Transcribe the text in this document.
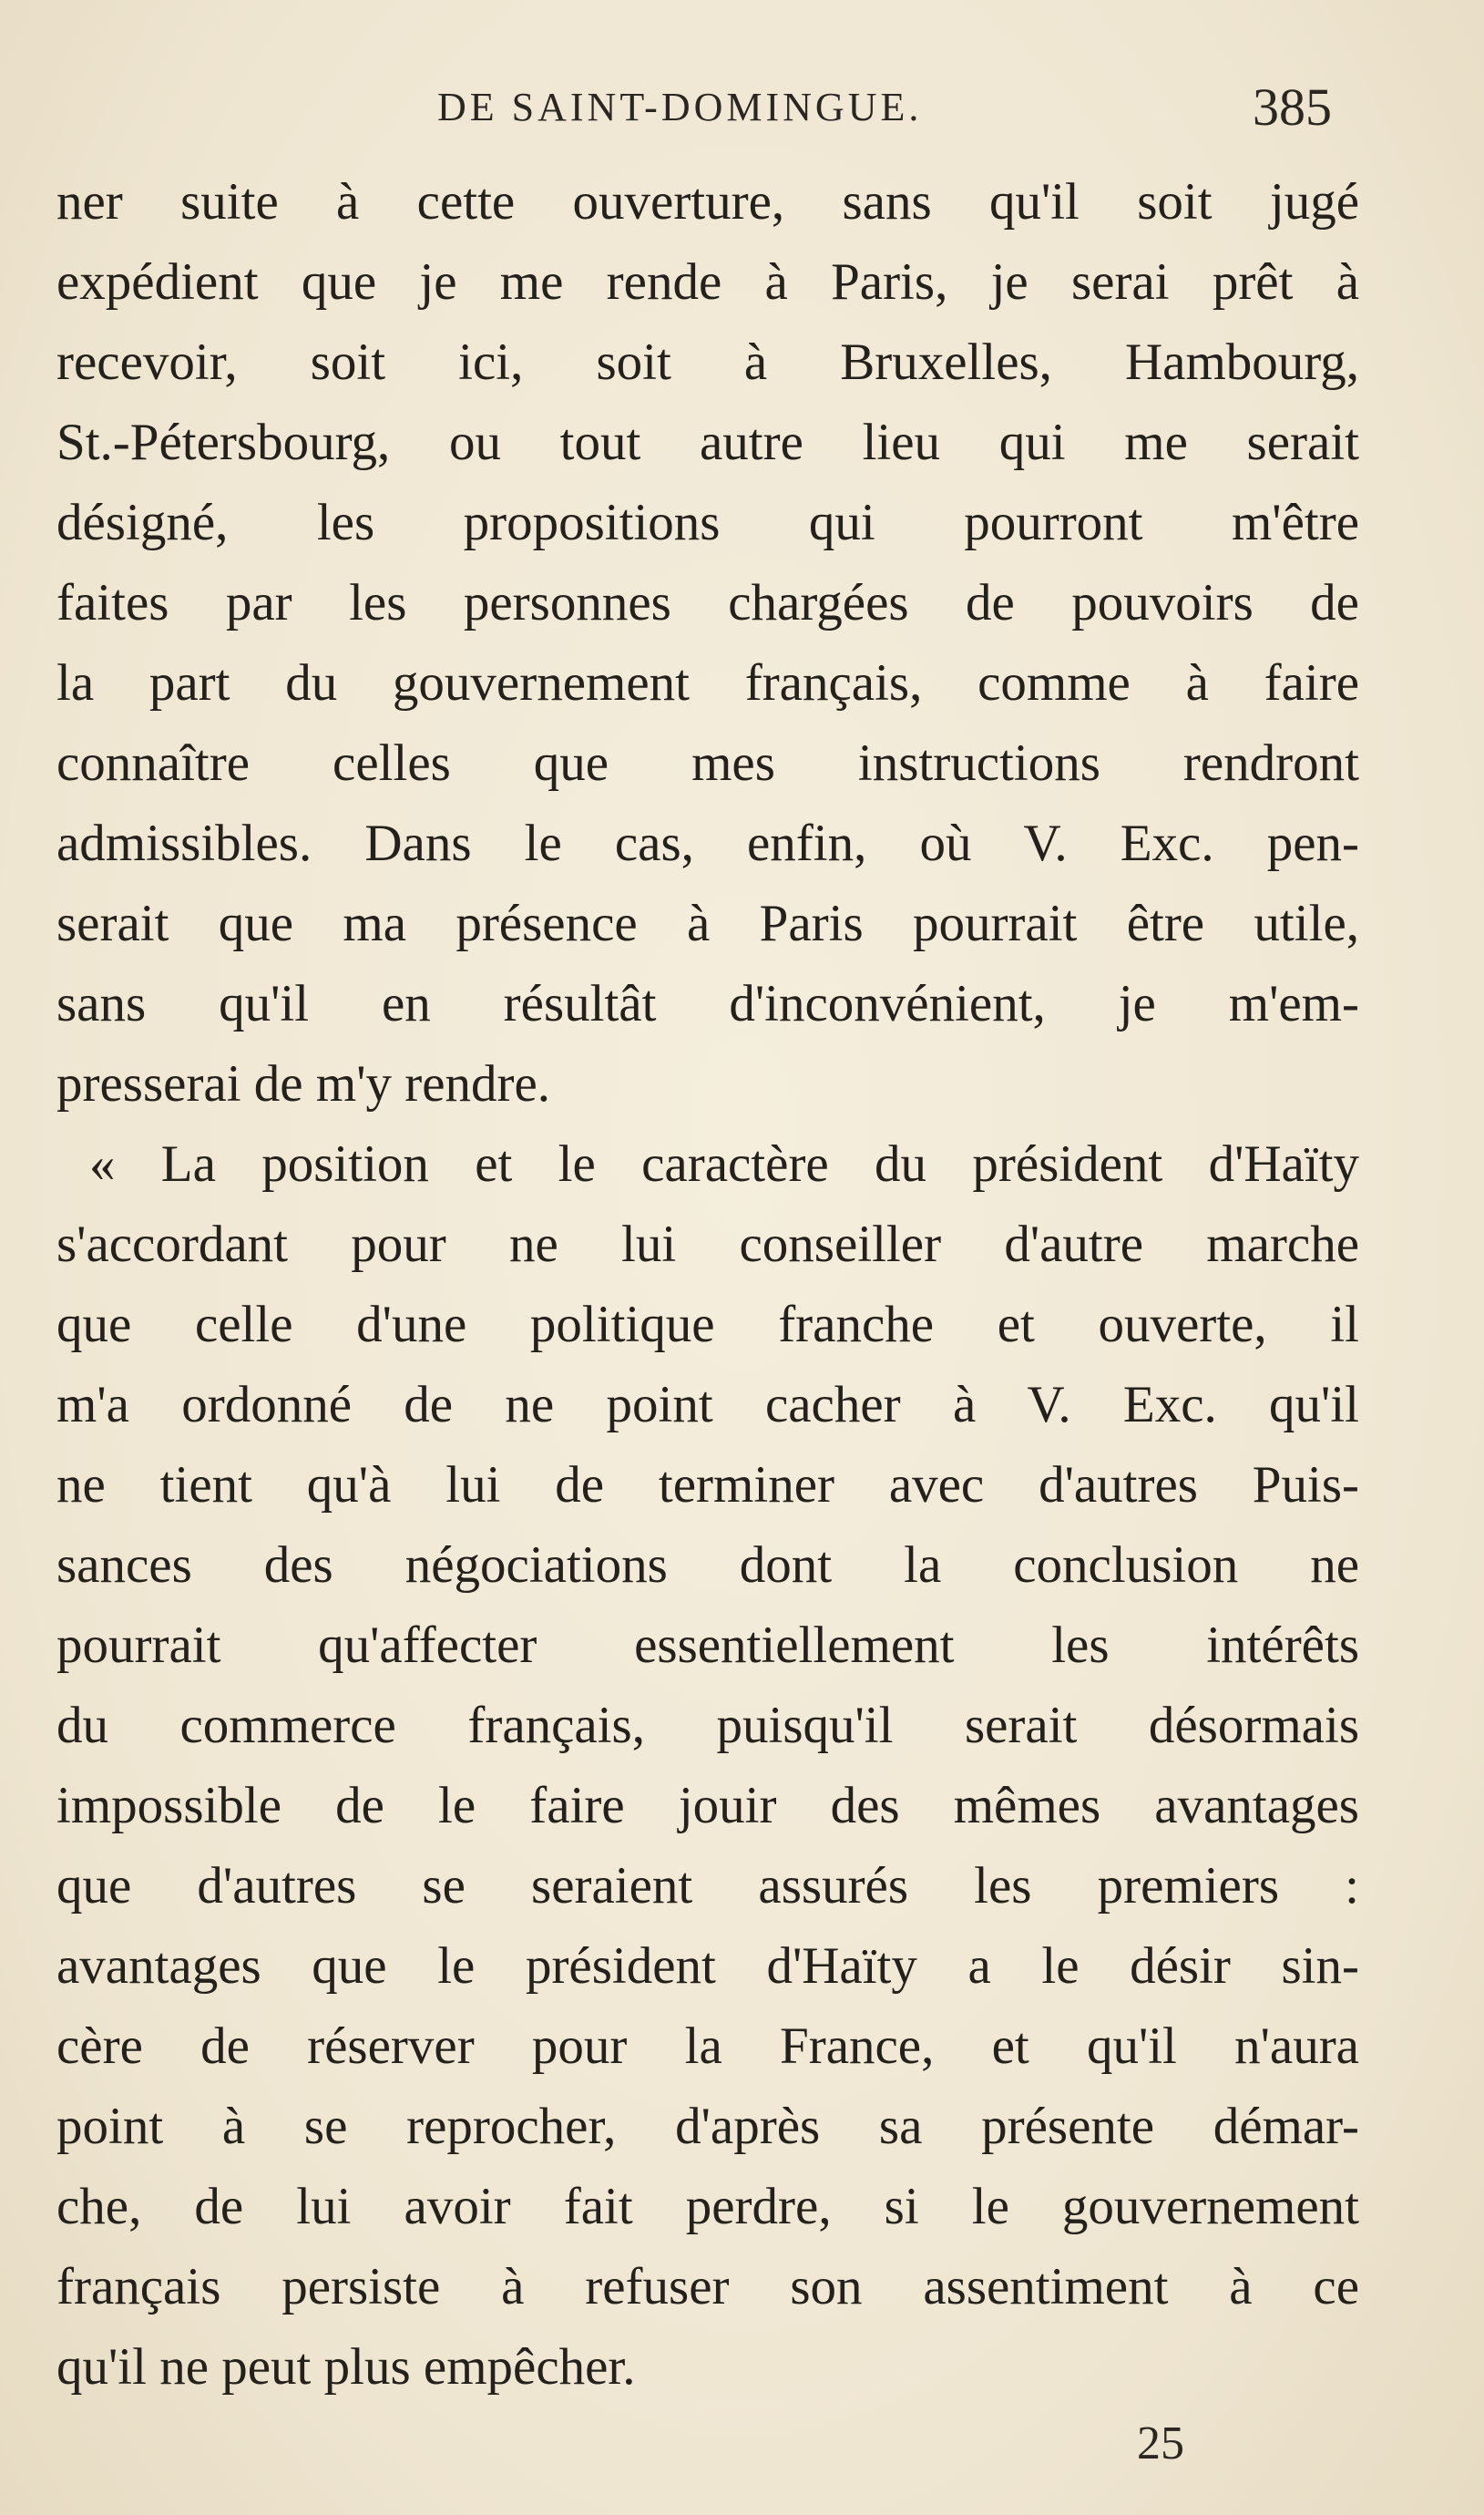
DE SAINT-DOMINGUE.	385
ner suite à cette ouverture, sans qu'il soit jugé
expédient que je me rende à Paris, je serai prêt à
recevoir, soit ici, soit à Bruxelles, Hambourg,
St.-Pétersbourg, ou tout autre lieu qui me serait
désigné, les propositions qui pourront m'être
faites par les personnes chargées de pouvoirs de
la part du gouvernement français, comme à faire
connaître celles que mes instructions rendront
admissibles. Dans le cas, enfin, où V. Exc. pen-
serait que ma présence à Paris pourrait être utile,
sans qu'il en résultât d'inconvénient, je m'em-
presserai de m'y rendre.
« La position et le caractère du président d'Haïty
s'accordant pour ne lui conseiller d'autre marche
que celle d'une politique franche et ouverte, il
m'a ordonné de ne point cacher à V. Exc. qu'il
ne tient qu'à lui de terminer avec d'autres Puis-
sances des négociations dont la conclusion ne
pourrait qu'affecter essentiellement les intérêts
du commerce français, puisqu'il serait désormais
impossible de le faire jouir des mêmes avantages
que d'autres se seraient assurés les premiers :
avantages que le président d'Haïty a le désir sin-
cère de réserver pour la France, et qu'il n'aura
point à se reprocher, d'après sa présente démar-
che, de lui avoir fait perdre, si le gouvernement
français persiste à refuser son assentiment à ce
qu'il ne peut plus empêcher.
25
